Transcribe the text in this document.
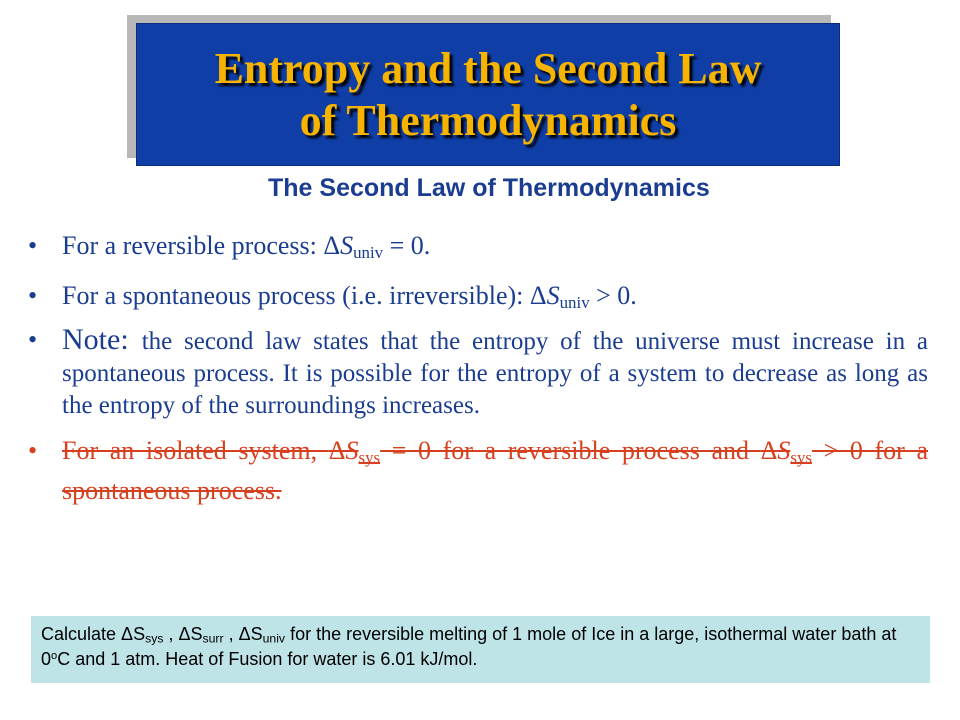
Entropy and the Second Law
of Thermodynamics
The Second Law of Thermodynamics
• For a reversible process: $\Delta S_{univ} = 0$.
• For a spontaneous process (i.e. irreversible): $\Delta S_{univ} > 0$.
• Note: the second law states that the entropy of the universe must increase in a spontaneous process. It is possible for the entropy of a system to decrease as long as the entropy of the surroundings increases.
• For an isolated system, $\Delta S_{sys} = 0$ for a reversible process and $\Delta S_{sys} > 0$ for a spontaneous process.
Calculate $\Delta S_{sys}$ , $\Delta S_{surr}$ , $\Delta S_{univ}$ for the reversible melting of 1 mole of Ice in a large, isothermal water bath at 0$^o$C and 1 atm. Heat of Fusion for water is 6.01 kJ/mol.
